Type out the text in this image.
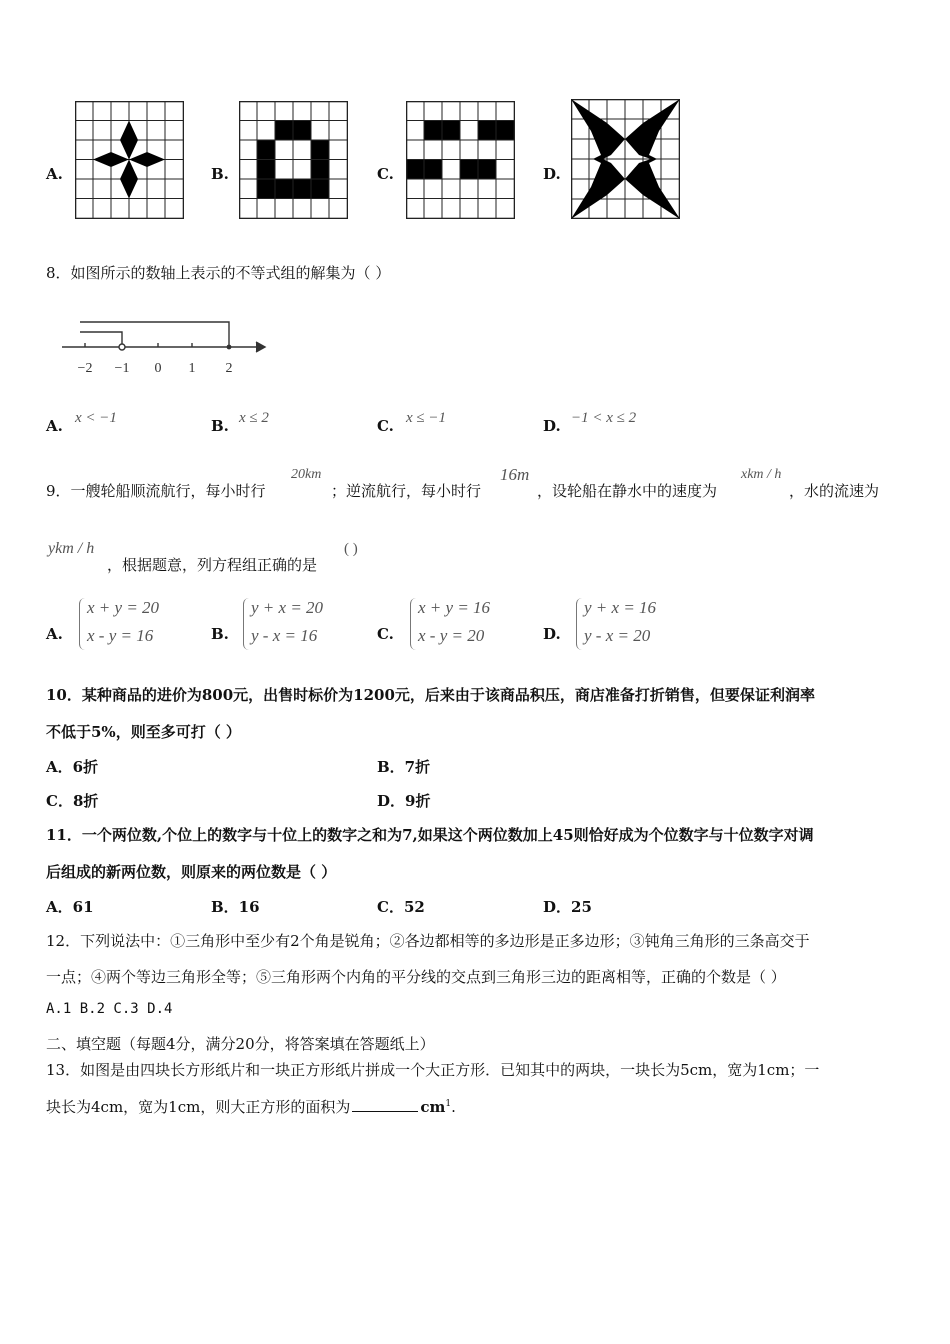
A.	B.	C.	D.
8．如图所示的数轴上表示的不等式组的解集为（ ）
−2 −1 0 1 2
A. x < −1	B. x ≤ 2	C. x ≤ −1	D. −1 < x ≤ 2
9．一艘轮船顺流航行，每小时行
20km
；逆流航行，每小时行
16m
，设轮船在静水中的速度为
xkm / h
，水的流速为
ykm / h
，根据题意，列方程组正确的是
( )
A.
x + y = 20
x - y = 16	B.
y + x = 20
y - x = 16	C.
x + y = 16
x - y = 20	D.
y + x = 16
y - x = 20
10．某种商品的进价为800元，出售时标价为1200元，后来由于该商品积压，商店准备打折销售，但要保证利润率
不低于5%，则至多可打（ ）
A．6折	B．7折
C．8折	D．9折
11．一个两位数,个位上的数字与十位上的数字之和为7,如果这个两位数加上45则恰好成为个位数字与十位数字对调
后组成的新两位数，则原来的两位数是（ ）
A．61	B．16	C．52	D．25
12．下列说法中：①三角形中至少有2个角是锐角；②各边都相等的多边形是正多边形；③钝角三角形的三条高交于
一点；④两个等边三角形全等；⑤三角形两个内角的平分线的交点到三角形三边的距离相等，正确的个数是（ ）
A.1 B.2 C.3 D.4
二、填空题（每题4分，满分20分，将答案填在答题纸上）
13．如图是由四块长方形纸片和一块正方形纸片拼成一个大正方形．已知其中的两块，一块长为5cm，宽为1cm；一
块长为4cm，宽为1cm，则大正方形的面积为	$cm^1$.
